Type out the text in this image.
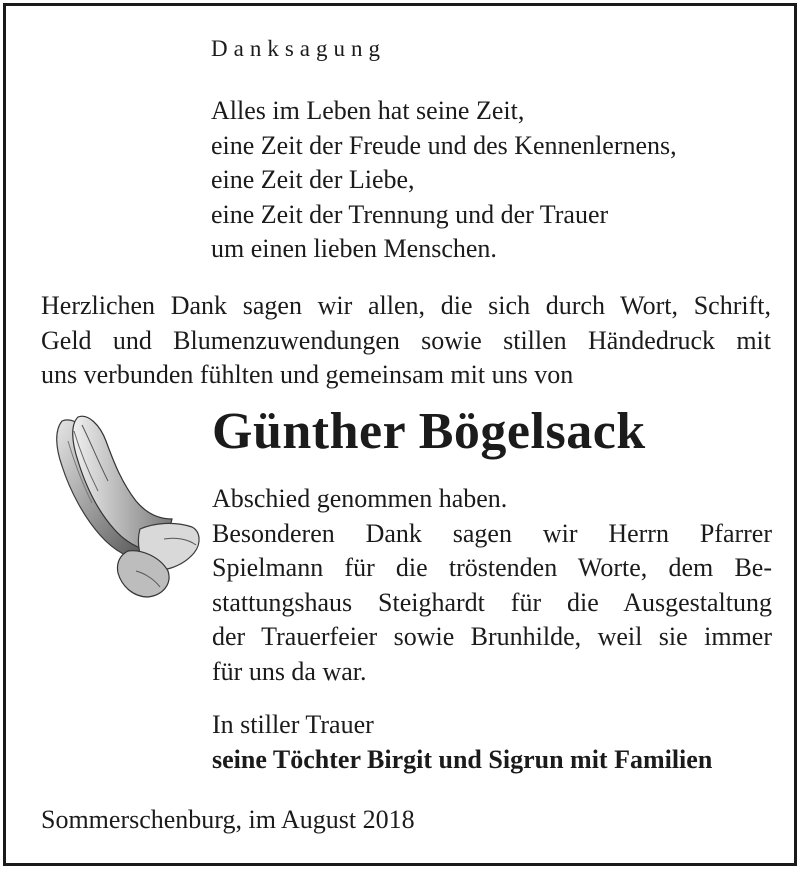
Danksagung
Alles im Leben hat seine Zeit,
eine Zeit der Freude und des Kennenlernens,
eine Zeit der Liebe,
eine Zeit der Trennung und der Trauer
um einen lieben Menschen.
Herzlichen Dank sagen wir allen, die sich durch Wort, Schrift,
Geld und Blumenzuwendungen sowie stillen Händedruck mit
uns verbunden fühlten und gemeinsam mit uns von
Günther Bögelsack
Abschied genommen haben.
Besonderen Dank sagen wir Herrn Pfarrer
Spielmann für die tröstenden Worte, dem Be-
stattungshaus Steighardt für die Ausgestaltung
der Trauerfeier sowie Brunhilde, weil sie immer
für uns da war.
In stiller Trauer
seine Töchter Birgit und Sigrun mit Familien
Sommerschenburg, im August 2018
